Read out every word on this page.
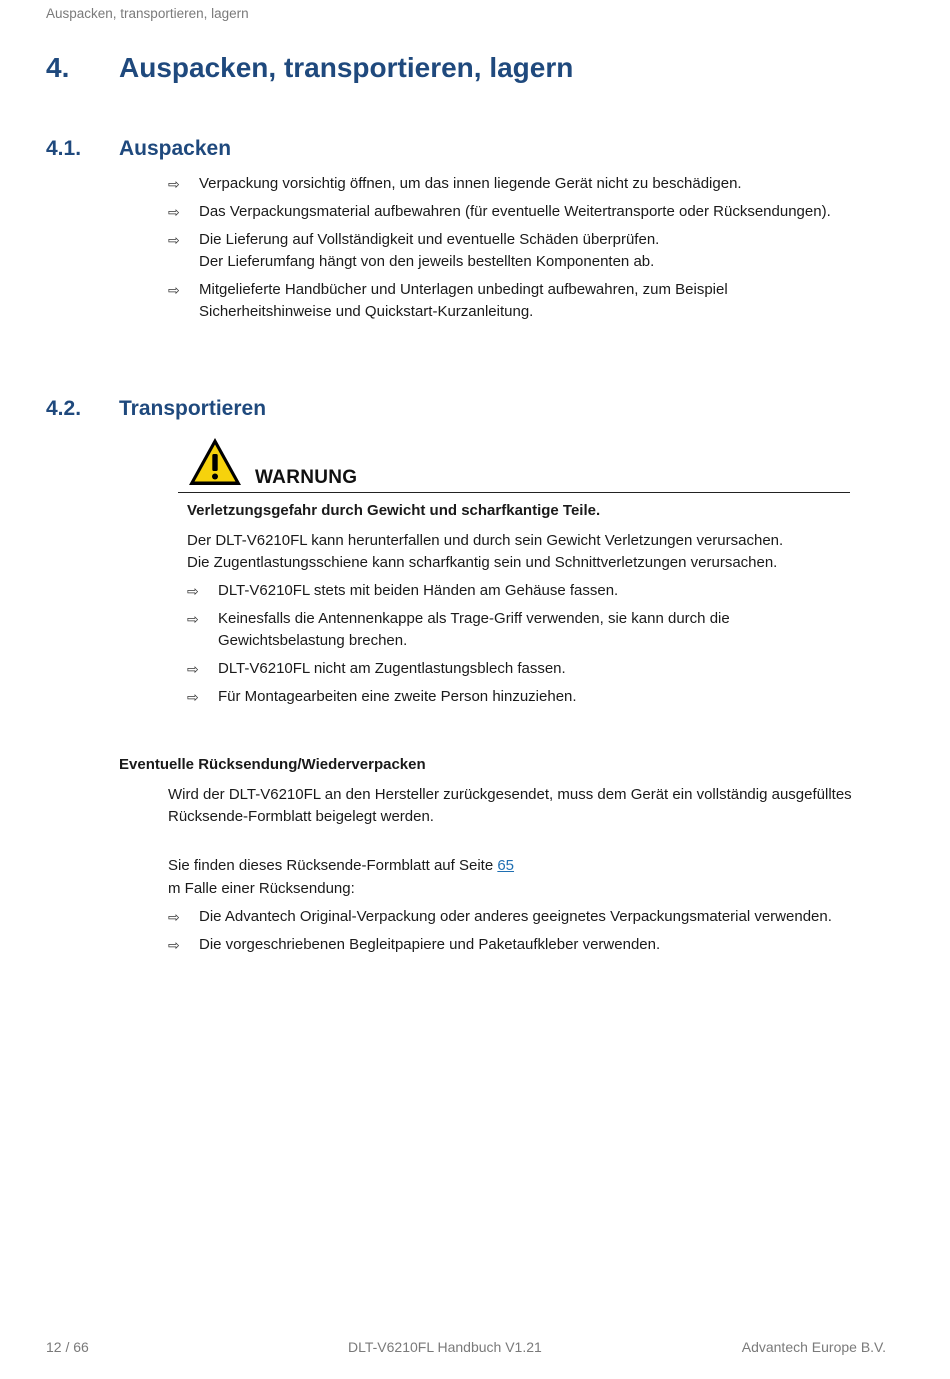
Auspacken, transportieren, lagern
4. Auspacken, transportieren, lagern
4.1. Auspacken
⇨	Verpackung vorsichtig öffnen, um das innen liegende Gerät nicht zu beschädigen.
⇨	Das Verpackungsmaterial aufbewahren (für eventuelle Weitertransporte oder Rücksendungen).
⇨	Die Lieferung auf Vollständigkeit und eventuelle Schäden überprüfen.
Der Lieferumfang hängt von den jeweils bestellten Komponenten ab.
⇨	Mitgelieferte Handbücher und Unterlagen unbedingt aufbewahren, zum Beispiel
Sicherheitshinweise und Quickstart-Kurzanleitung.
4.2. Transportieren
WARNUNG
Verletzungsgefahr durch Gewicht und scharfkantige Teile.
Der DLT-V6210FL kann herunterfallen und durch sein Gewicht Verletzungen verursachen.
Die Zugentlastungsschiene kann scharfkantig sein und Schnittverletzungen verursachen.
⇨	DLT-V6210FL stets mit beiden Händen am Gehäuse fassen.
⇨	Keinesfalls die Antennenkappe als Trage-Griff verwenden, sie kann durch die
Gewichtsbelastung brechen.
⇨	DLT-V6210FL nicht am Zugentlastungsblech fassen.
⇨	Für Montagearbeiten eine zweite Person hinzuziehen.
Eventuelle Rücksendung/Wiederverpacken
Wird der DLT-V6210FL an den Hersteller zurückgesendet, muss dem Gerät ein vollständig ausgefülltes
Rücksende-Formblatt beigelegt werden.
Sie finden dieses Rücksende-Formblatt auf Seite 65
m Falle einer Rücksendung:
⇨	Die Advantech Original-Verpackung oder anderes geeignetes Verpackungsmaterial verwenden.
⇨	Die vorgeschriebenen Begleitpapiere und Paketaufkleber verwenden.
12 / 66	DLT-V6210FL Handbuch V1.21	Advantech Europe B.V.
